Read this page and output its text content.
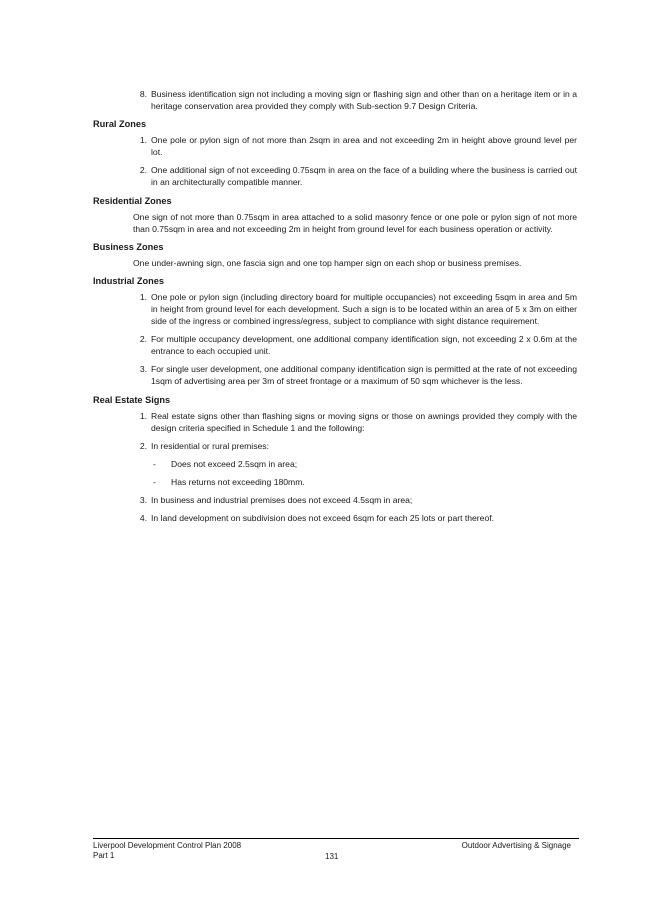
8. Business identification sign not including a moving sign or flashing sign and other than on a heritage item or in a heritage conservation area provided they comply with Sub-section 9.7 Design Criteria.
Rural Zones
1. One pole or pylon sign of not more than 2sqm in area and not exceeding 2m in height above ground level per lot.
2. One additional sign of not exceeding 0.75sqm in area on the face of a building where the business is carried out in an architecturally compatible manner.
Residential Zones

One sign of not more than 0.75sqm in area attached to a solid masonry fence or one pole or pylon sign of not more than 0.75sqm in area and not exceeding 2m in height from ground level for each business operation or activity.

Business Zones

One under-awning sign, one fascia sign and one top hamper sign on each shop or business premises.

Industrial Zones
1. One pole or pylon sign (including directory board for multiple occupancies) not exceeding 5sqm in area and 5m in height from ground level for each development. Such a sign is to be located within an area of 5 x 3m on either side of the ingress or combined ingress/egress, subject to compliance with sight distance requirement.
2. For multiple occupancy development, one additional company identification sign, not exceeding 2 x 0.6m at the entrance to each occupied unit.
3. For single user development, one additional company identification sign is permitted at the rate of not exceeding 1sqm of advertising area per 3m of street frontage or a maximum of 50 sqm whichever is the less.
Real Estate Signs
1. Real estate signs other than flashing signs or moving signs or those on awnings provided they comply with the design criteria specified in Schedule 1 and the following:
2. In residential or rural premises:
- Does not exceed 2.5sqm in area;
- Has returns not exceeding 180mm.
3. In business and industrial premises does not exceed 4.5sqm in area;
4. In land development on subdivision does not exceed 6sqm for each 25 lots or part thereof.
Liverpool Development Control Plan 2008	Outdoor Advertising & Signage
Part 1	131
